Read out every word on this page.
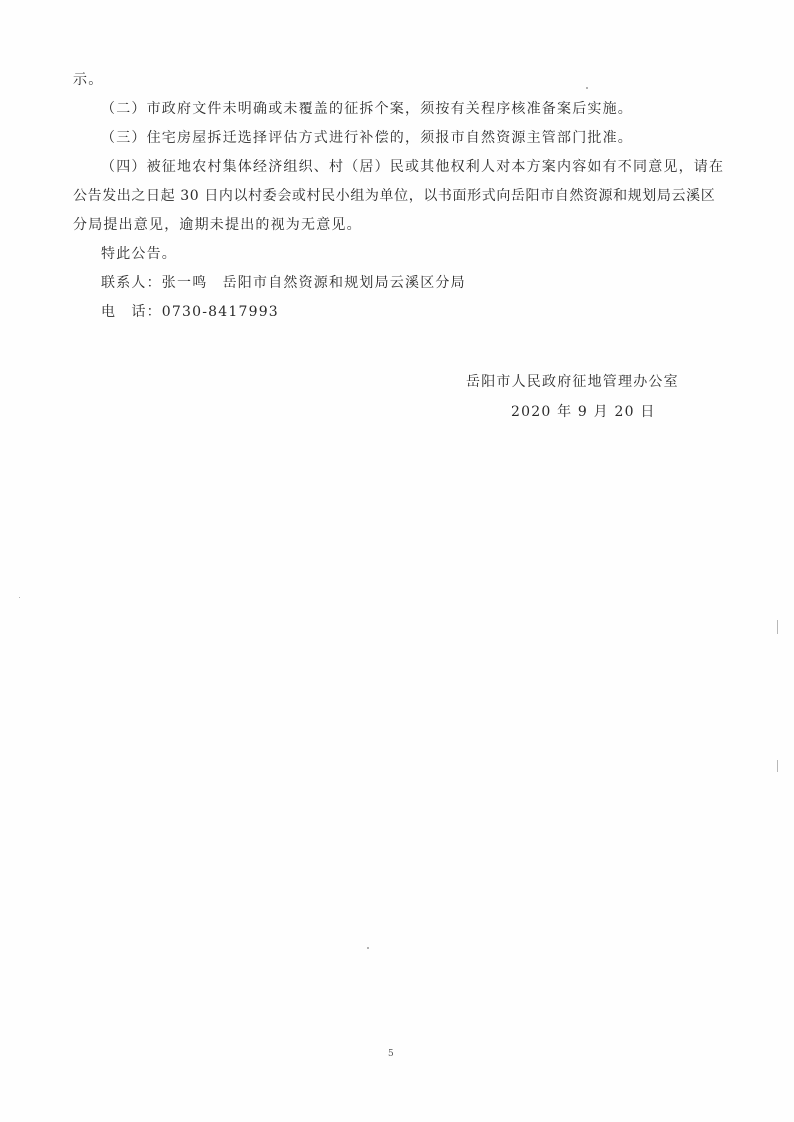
示。
（二）市政府文件未明确或未覆盖的征拆个案，须按有关程序核准备案后实施。
（三）住宅房屋拆迁选择评估方式进行补偿的，须报市自然资源主管部门批准。
（四）被征地农村集体经济组织、村（居）民或其他权利人对本方案内容如有不同意见，请在
公告发出之日起 30 日内以村委会或村民小组为单位，以书面形式向岳阳市自然资源和规划局云溪区
分局提出意见，逾期未提出的视为无意见。
特此公告。
联系人：张一鸣　岳阳市自然资源和规划局云溪区分局
电　话：0730-8417993
岳阳市人民政府征地管理办公室
2020 年 9 月 20 日
5
